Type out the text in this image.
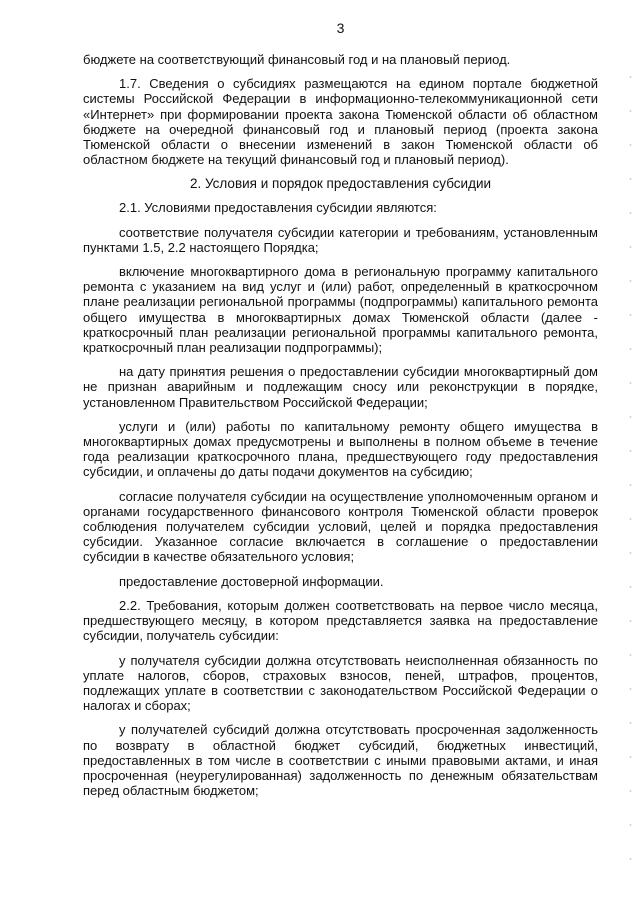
3

бюджете на соответствующий финансовый год и на плановый период.

1.7. Сведения о субсидиях размещаются на едином портале бюджетной системы Российской Федерации в информационно-телекоммуникационной сети «Интернет» при формировании проекта закона Тюменской области об областном бюджете на очередной финансовый год и плановый период (проекта закона Тюменской области о внесении изменений в закон Тюменской области об областном бюджете на текущий финансовый год и плановый период).

2. Условия и порядок предоставления субсидии

2.1. Условиями предоставления субсидии являются:

соответствие получателя субсидии категории и требованиям, установленным пунктами 1.5, 2.2 настоящего Порядка;

включение многоквартирного дома в региональную программу капитального ремонта с указанием на вид услуг и (или) работ, определенный в краткосрочном плане реализации региональной программы (подпрограммы) капитального ремонта общего имущества в многоквартирных домах Тюменской области (далее - краткосрочный план реализации региональной программы капитального ремонта, краткосрочный план реализации подпрограммы);

на дату принятия решения о предоставлении субсидии многоквартирный дом не признан аварийным и подлежащим сносу или реконструкции в порядке, установленном Правительством Российской Федерации;

услуги и (или) работы по капитальному ремонту общего имущества в многоквартирных домах предусмотрены и выполнены в полном объеме в течение года реализации краткосрочного плана, предшествующего году предоставления субсидии, и оплачены до даты подачи документов на субсидию;

согласие получателя субсидии на осуществление уполномоченным органом и органами государственного финансового контроля Тюменской области проверок соблюдения получателем субсидии условий, целей и порядка предоставления субсидии. Указанное согласие включается в соглашение о предоставлении субсидии в качестве обязательного условия;

предоставление достоверной информации.

2.2. Требования, которым должен соответствовать на первое число месяца, предшествующего месяцу, в котором представляется заявка на предоставление субсидии, получатель субсидии:

у получателя субсидии должна отсутствовать неисполненная обязанность по уплате налогов, сборов, страховых взносов, пеней, штрафов, процентов, подлежащих уплате в соответствии с законодательством Российской Федерации о налогах и сборах;

у получателей субсидий должна отсутствовать просроченная задолженность по возврату в областной бюджет субсидий, бюджетных инвестиций, предоставленных в том числе в соответствии с иными правовыми актами, и иная просроченная (неурегулированная) задолженность по денежным обязательствам перед областным бюджетом;
